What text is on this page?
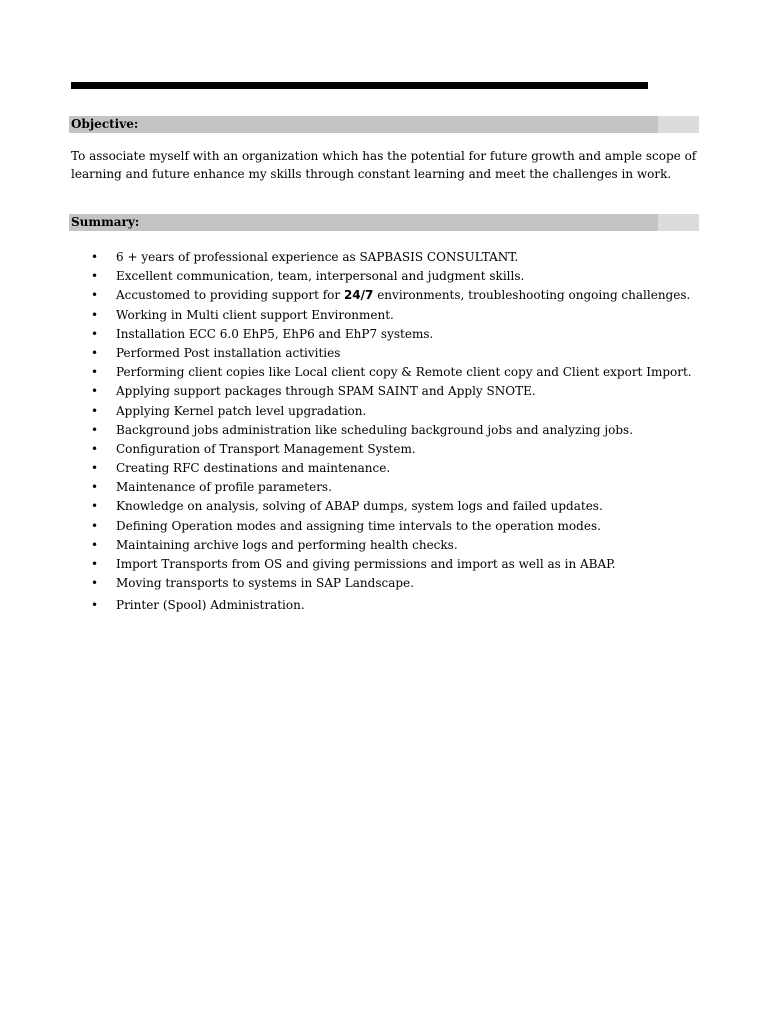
Objective:

To associate myself with an organization which has the potential for future growth and ample scope of learning and future enhance my skills through constant learning and meet the challenges in work.

Summary:
• 6 + years of professional experience as SAPBASIS CONSULTANT.
• Excellent communication, team, interpersonal and judgment skills.
• Accustomed to providing support for 24/7 environments, troubleshooting ongoing challenges.
• Working in Multi client support Environment.
• Installation ECC 6.0 EhP5, EhP6 and EhP7 systems.
• Performed Post installation activities
• Performing client copies like Local client copy & Remote client copy and Client export Import.
• Applying support packages through SPAM SAINT and Apply SNOTE.
• Applying Kernel patch level upgradation.
• Background jobs administration like scheduling background jobs and analyzing jobs.
• Configuration of Transport Management System.
• Creating RFC destinations and maintenance.
• Maintenance of profile parameters.
• Knowledge on analysis, solving of ABAP dumps, system logs and failed updates.
• Defining Operation modes and assigning time intervals to the operation modes.
• Maintaining archive logs and performing health checks.
• Import Transports from OS and giving permissions and import as well as in ABAP.
• Moving transports to systems in SAP Landscape.
• Printer (Spool) Administration.
